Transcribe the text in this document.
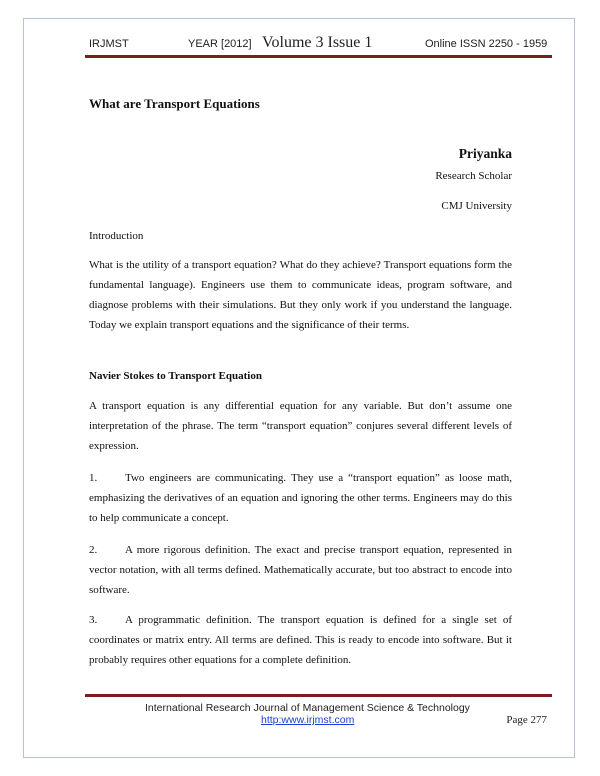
IRJMST	YEAR [2012] Volume 3 Issue 1	Online ISSN 2250 - 1959
What are Transport Equations
Priyanka
Research Scholar
CMJ University
Introduction
What is the utility of a transport equation? What do they achieve? Transport equations form the fundamental language). Engineers use them to communicate ideas, program software, and diagnose problems with their simulations. But they only work if you understand the language. Today we explain transport equations and the significance of their terms.
Navier Stokes to Transport Equation
A transport equation is any differential equation for any variable. But don’t assume one interpretation of the phrase. The term “transport equation” conjures several different levels of expression.
1.	Two engineers are communicating. They use a “transport equation” as loose math, emphasizing the derivatives of an equation and ignoring the other terms. Engineers may do this to help communicate a concept.
2.	A more rigorous definition. The exact and precise transport equation, represented in vector notation, with all terms defined. Mathematically accurate, but too abstract to encode into software.
3.	A programmatic definition. The transport equation is defined for a single set of coordinates or matrix entry. All terms are defined. This is ready to encode into software. But it probably requires other equations for a complete definition.
International Research Journal of Management Science & Technology
http:www.irjmst.com	Page 277
